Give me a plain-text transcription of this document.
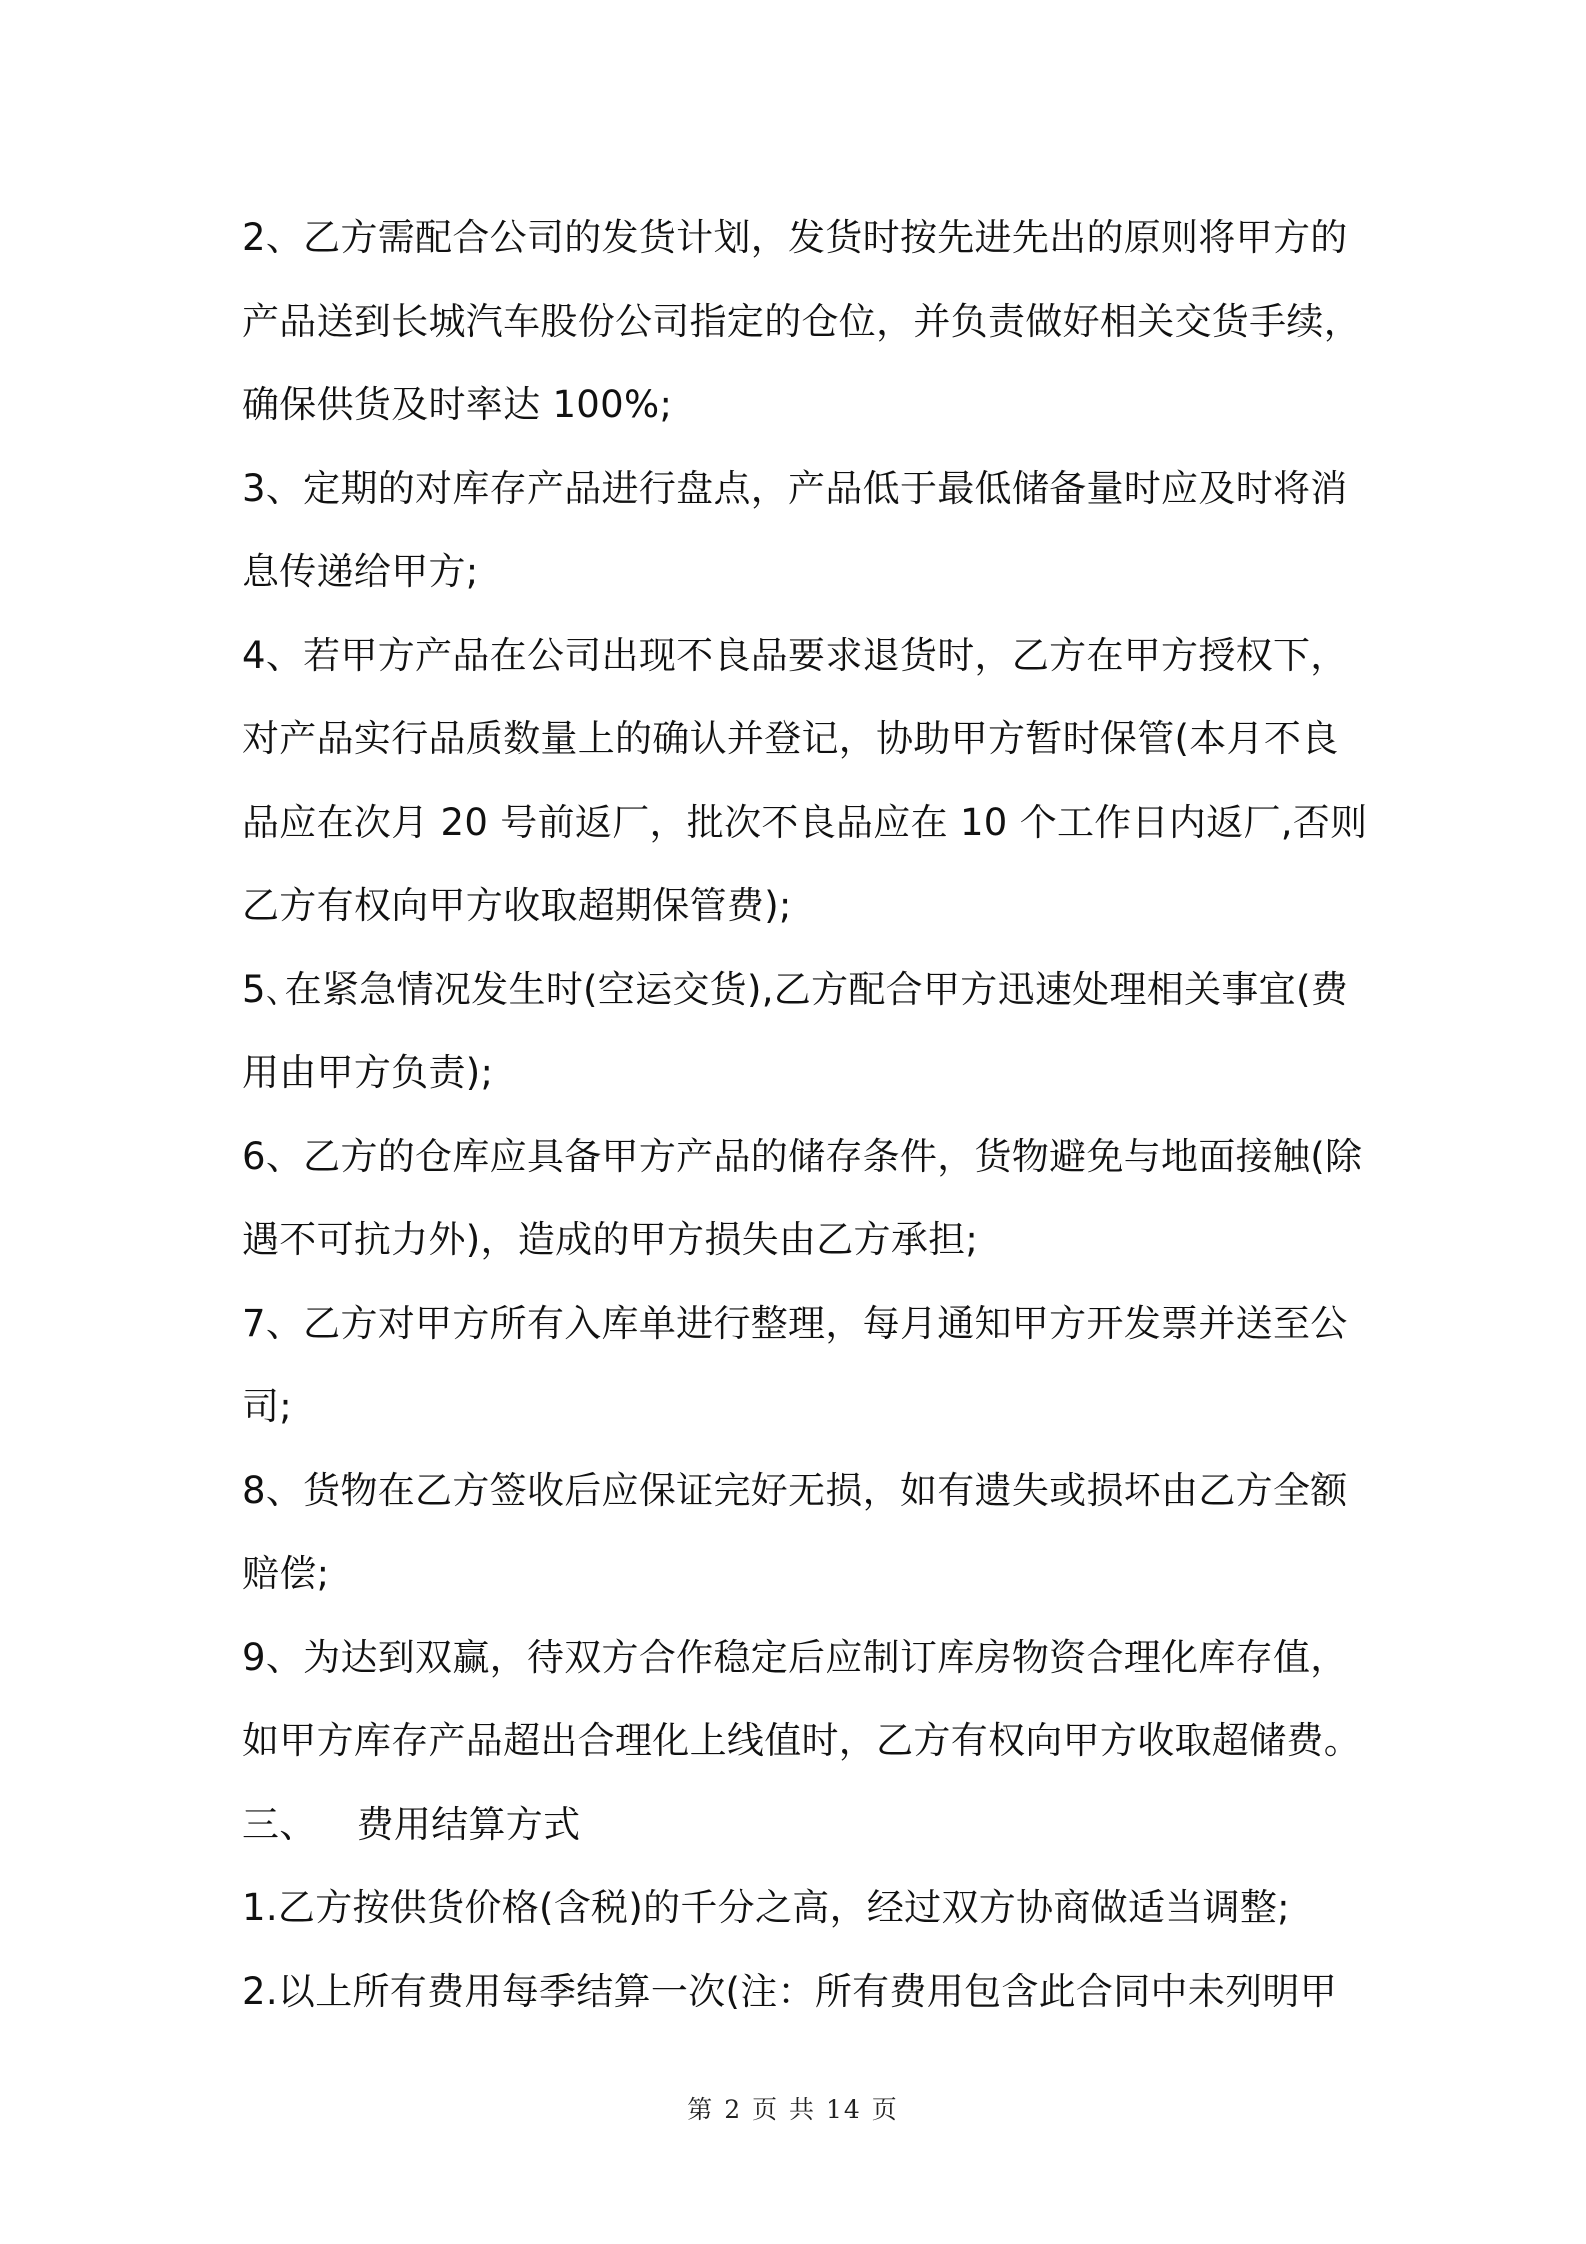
2、乙方需配合公司的发货计划，发货时按先进先出的原则将甲方的
产品送到长城汽车股份公司指定的仓位，并负责做好相关交货手续，
确保供货及时率达 100%;
3、定期的对库存产品进行盘点，产品低于最低储备量时应及时将消
息传递给甲方;
4、若甲方产品在公司出现不良品要求退货时，乙方在甲方授权下，
对产品实行品质数量上的确认并登记，协助甲方暂时保管(本月不良
品应在次月 20 号前返厂，批次不良品应在 10 个工作日内返厂,否则
乙方有权向甲方收取超期保管费);
5､在紧急情况发生时(空运交货),乙方配合甲方迅速处理相关事宜(费
用由甲方负责);
6、乙方的仓库应具备甲方产品的储存条件，货物避免与地面接触(除
遇不可抗力外)，造成的甲方损失由乙方承担;
7、乙方对甲方所有入库单进行整理，每月通知甲方开发票并送至公
司;
8、货物在乙方签收后应保证完好无损，如有遗失或损坏由乙方全额
赔偿;
9、为达到双赢，待双方合作稳定后应制订库房物资合理化库存值，
如甲方库存产品超出合理化上线值时，乙方有权向甲方收取超储费。
三、 费用结算方式
1.乙方按供货价格(含税)的千分之高，经过双方协商做适当调整;
2.以上所有费用每季结算一次(注：所有费用包含此合同中未列明甲
第 2 页 共 14 页
